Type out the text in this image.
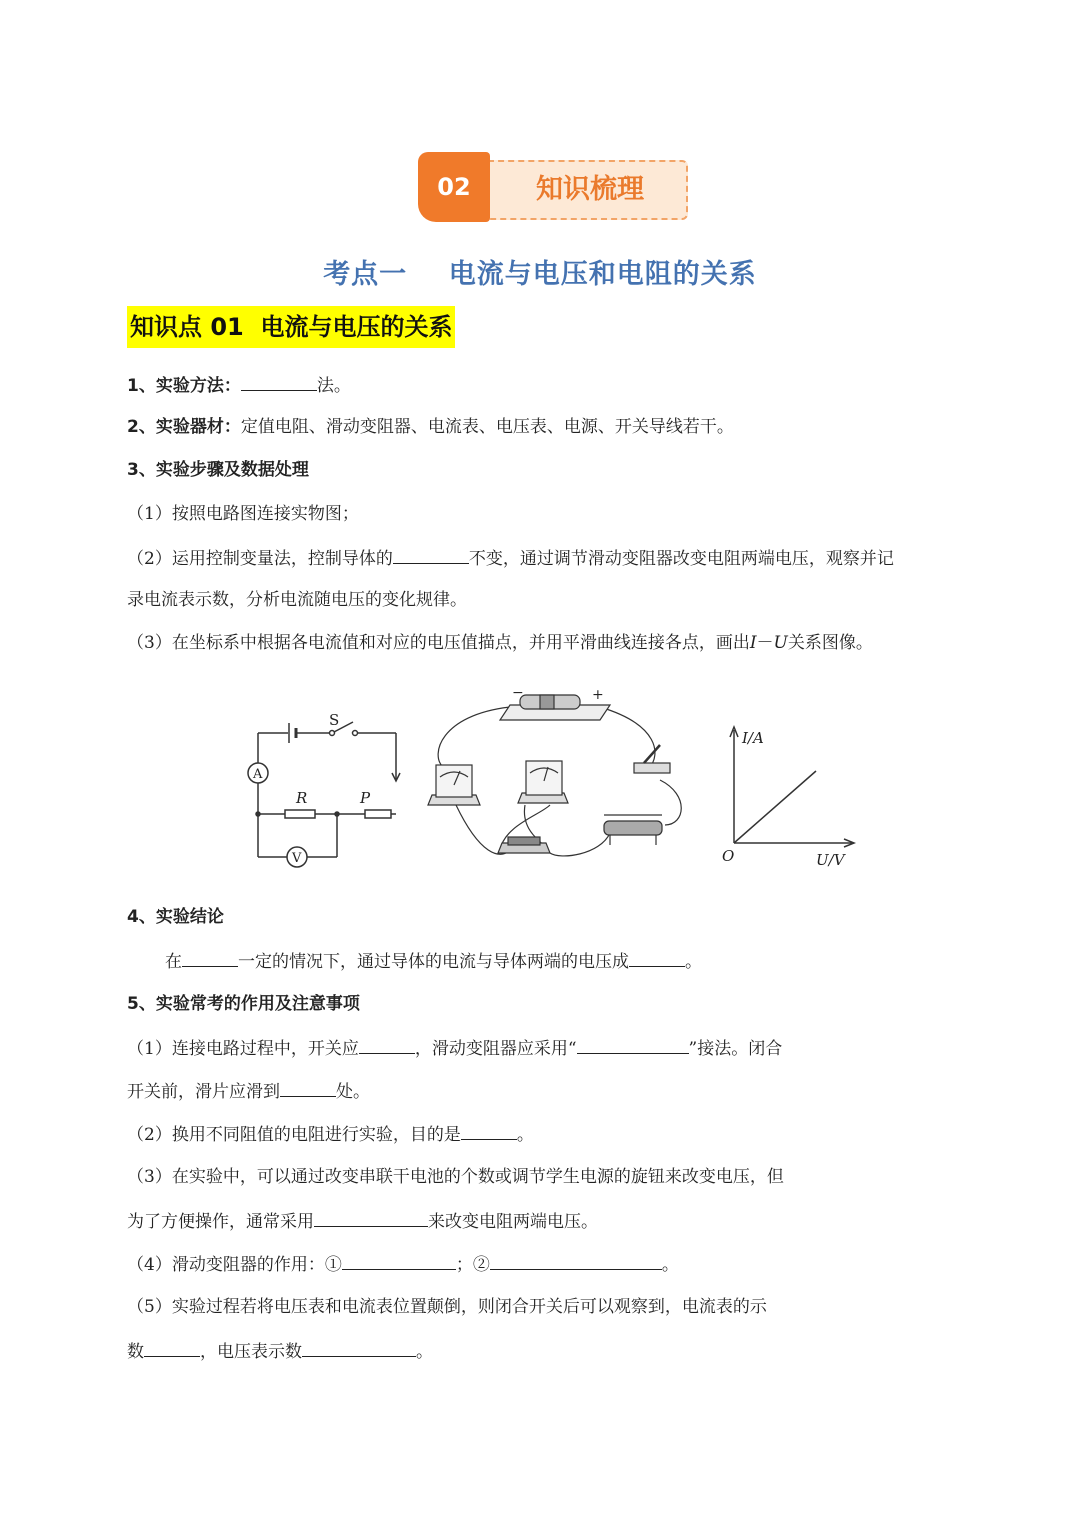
02	知识梳理
考点一    电流与电压和电阻的关系
知识点 01  电流与电压的关系
1、实验方法：	法。
2、实验器材：定值电阻、滑动变阻器、电流表、电压表、电源、开关导线若干。
3、实验步骤及数据处理
（1）按照电路图连接实物图；
（2）运用控制变量法，控制导体的	不变，通过调节滑动变阻器改变电阻两端电压，观察并记
录电流表示数，分析电流随电压的变化规律。
（3）在坐标系中根据各电流值和对应的电压值描点，并用平滑曲线连接各点，画出I－U关系图像。
S
R	P
A
V
−	+
I/A
U/V
O
4、实验结论
在	一定的情况下，通过导体的电流与导体两端的电压成	。
5、实验常考的作用及注意事项
（1）连接电路过程中，开关应	，滑动变阻器应采用“	”接法。闭合
开关前，滑片应滑到	处。
（2）换用不同阻值的电阻进行实验，目的是	。
（3）在实验中，可以通过改变串联干电池的个数或调节学生电源的旋钮来改变电压，但
为了方便操作，通常采用	来改变电阻两端电压。
（4）滑动变阻器的作用：①	；②	。
（5）实验过程若将电压表和电流表位置颠倒，则闭合开关后可以观察到，电流表的示
数	，电压表示数	。
